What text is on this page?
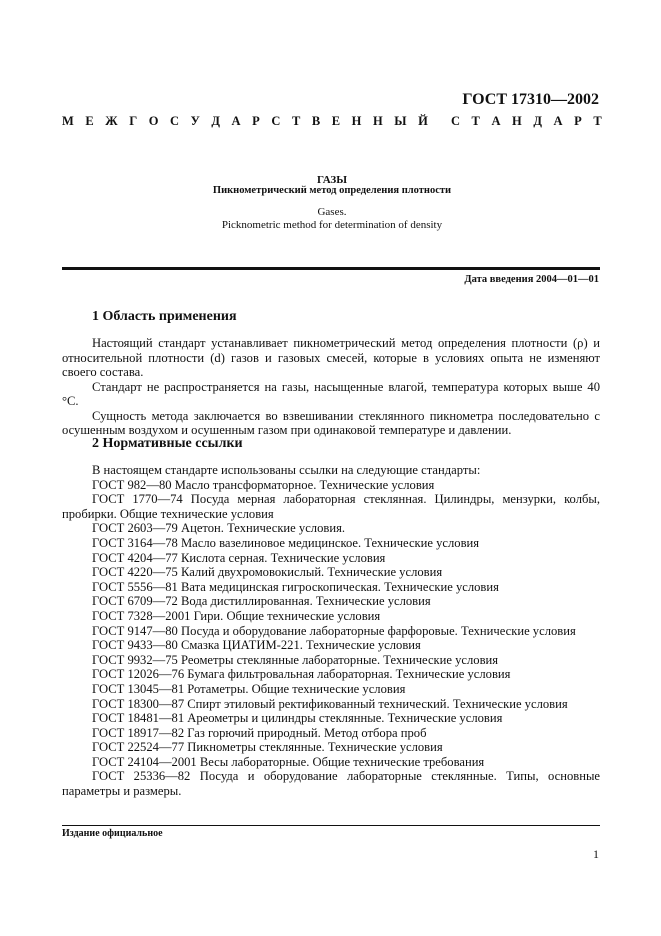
ГОСТ 17310—2002
М Е Ж Г О С У Д А Р С Т В Е Н Н Ы Й С Т А Н Д А Р Т
ГАЗЫ
Пикнометрический метод определения плотности
Gases.
Picknometric method for determination of density
Дата введения 2004—01—01
1 Область применения

Настоящий стандарт устанавливает пикнометрический метод определения плотности (ρ) и относительной плотности (d) газов и газовых смесей, которые в условиях опыта не изменяют своего состава.

Стандарт не распространяется на газы, насыщенные влагой, температура которых выше 40 °С.

Сущность метода заключается во взвешивании стеклянного пикнометра последовательно с осушенным воздухом и осушенным газом при одинаковой температуре и давлении.

2 Нормативные ссылки

В настоящем стандарте использованы ссылки на следующие стандарты:

ГОСТ 982—80 Масло трансформаторное. Технические условия

ГОСТ 1770—74 Посуда мерная лабораторная стеклянная. Цилиндры, мензурки, колбы, пробирки. Общие технические условия

ГОСТ 2603—79 Ацетон. Технические условия.

ГОСТ 3164—78 Масло вазелиновое медицинское. Технические условия

ГОСТ 4204—77 Кислота серная. Технические условия

ГОСТ 4220—75 Калий двухромовокислый. Технические условия

ГОСТ 5556—81 Вата медицинская гигроскопическая. Технические условия

ГОСТ 6709—72 Вода дистиллированная. Технические условия

ГОСТ 7328—2001 Гири. Общие технические условия

ГОСТ 9147—80 Посуда и оборудование лабораторные фарфоровые. Технические условия

ГОСТ 9433—80 Смазка ЦИАТИМ-221. Технические условия

ГОСТ 9932—75 Реометры стеклянные лабораторные. Технические условия

ГОСТ 12026—76 Бумага фильтровальная лабораторная. Технические условия

ГОСТ 13045—81 Ротаметры. Общие технические условия

ГОСТ 18300—87 Спирт этиловый ректификованный технический. Технические условия

ГОСТ 18481—81 Ареометры и цилиндры стеклянные. Технические условия

ГОСТ 18917—82 Газ горючий природный. Метод отбора проб

ГОСТ 22524—77 Пикнометры стеклянные. Технические условия

ГОСТ 24104—2001 Весы лабораторные. Общие технические требования

ГОСТ 25336—82 Посуда и оборудование лабораторные стеклянные. Типы, основные параметры и размеры.

Издание официальное
1
